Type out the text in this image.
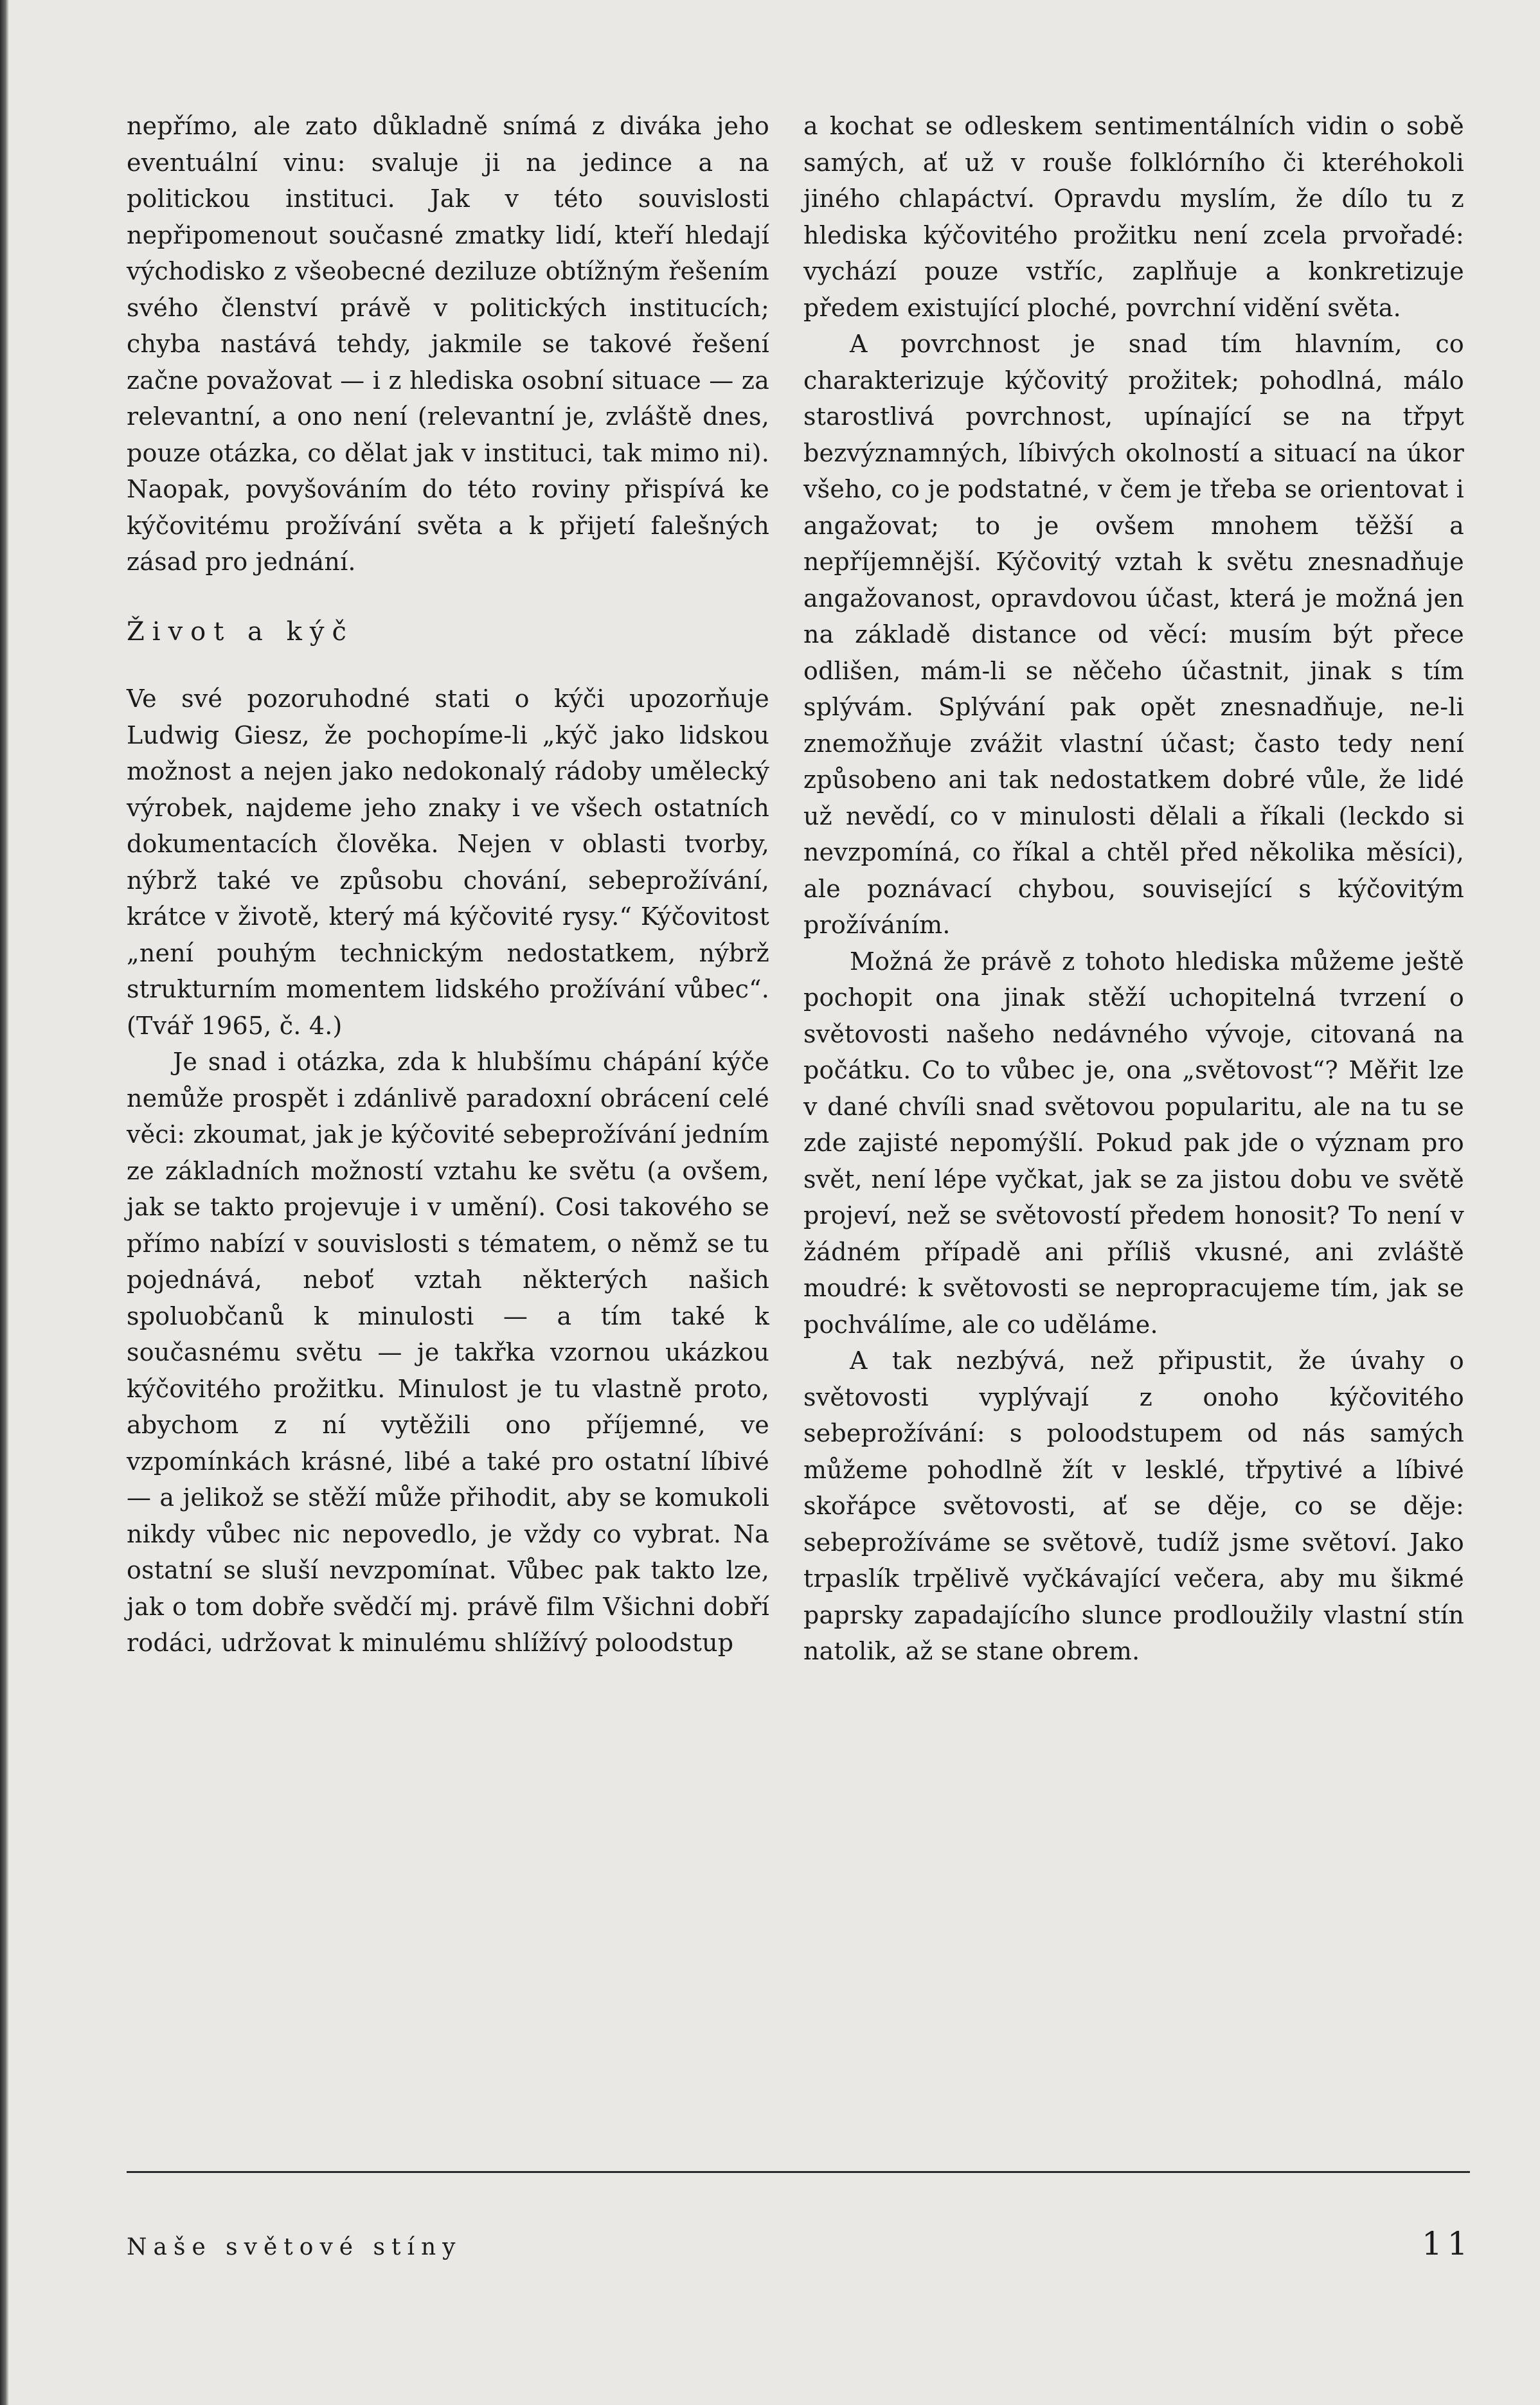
nepřímo, ale zato důkladně snímá z diváka jeho eventuální vinu: svaluje ji na jedince a na politickou instituci. Jak v této souvislosti nepřipomenout současné zmatky lidí, kteří hledají východisko z všeobecné deziluze obtížným řešením svého členství právě v politických institucích; chyba nastává tehdy, jakmile se takové řešení začne považovat — i z hlediska osobní situace — za relevantní, a ono není (relevantní je, zvláště dnes, pouze otázka, co dělat jak v instituci, tak mimo ni). Naopak, povyšováním do této roviny přispívá ke kýčovitému prožívání světa a k přijetí falešných zásad pro jednání.

Život a kýč

Ve své pozoruhodné stati o kýči upozorňuje Ludwig Giesz, že pochopíme-li „kýč jako lidskou možnost a nejen jako nedokonalý rádoby umělecký výrobek, najdeme jeho znaky i ve všech ostatních dokumentacích člověka. Nejen v oblasti tvorby, nýbrž také ve způsobu chování, sebeprožívání, krátce v životě, který má kýčovité rysy.“ Kýčovitost „není pouhým technickým nedostatkem, nýbrž strukturním momentem lidského prožívání vůbec“. (Tvář 1965, č. 4.)

Je snad i otázka, zda k hlubšímu chápání kýče nemůže prospět i zdánlivě paradoxní obrácení celé věci: zkoumat, jak je kýčovité sebeprožívání jedním ze základních možností vztahu ke světu (a ovšem, jak se takto projevuje i v umění). Cosi takového se přímo nabízí v souvislosti s tématem, o němž se tu pojednává, neboť vztah některých našich spoluobčanů k minulosti — a tím také k současnému světu — je takřka vzornou ukázkou kýčovitého prožitku. Minulost je tu vlastně proto, abychom z ní vytěžili ono příjemné, ve vzpomínkách krásné, libé a také pro ostatní líbivé — a jelikož se stěží může přihodit, aby se komukoli nikdy vůbec nic nepovedlo, je vždy co vybrat. Na ostatní se sluší nevzpomínat. Vůbec pak takto lze, jak o tom dobře svědčí mj. právě film Všichni dobří rodáci, udržovat k minulému shlížívý poloodstup

a kochat se odleskem sentimentálních vidin o sobě samých, ať už v rouše folklórního či kteréhokoli jiného chlapáctví. Opravdu myslím, že dílo tu z hlediska kýčovitého prožitku není zcela prvořadé: vychází pouze vstříc, zaplňuje a konkretizuje předem existující ploché, povrchní vidění světa.

A povrchnost je snad tím hlavním, co charakterizuje kýčovitý prožitek; pohodlná, málo starostlivá povrchnost, upínající se na třpyt bezvýznamných, líbivých okolností a situací na úkor všeho, co je podstatné, v čem je třeba se orientovat i angažovat; to je ovšem mnohem těžší a nepříjemnější. Kýčovitý vztah k světu znesnadňuje angažovanost, opravdovou účast, která je možná jen na základě distance od věcí: musím být přece odlišen, mám-li se něčeho účastnit, jinak s tím splývám. Splývání pak opět znesnadňuje, ne-li znemožňuje zvážit vlastní účast; často tedy není způsobeno ani tak nedostatkem dobré vůle, že lidé už nevědí, co v minulosti dělali a říkali (leckdo si nevzpomíná, co říkal a chtěl před několika měsíci), ale poznávací chybou, související s kýčovitým prožíváním.

Možná že právě z tohoto hlediska můžeme ještě pochopit ona jinak stěží uchopitelná tvrzení o světovosti našeho nedávného vývoje, citovaná na počátku. Co to vůbec je, ona „světovost“? Měřit lze v dané chvíli snad světovou popularitu, ale na tu se zde zajisté nepomýšlí. Pokud pak jde o význam pro svět, není lépe vyčkat, jak se za jistou dobu ve světě projeví, než se světovostí předem honosit? To není v žádném případě ani příliš vkusné, ani zvláště moudré: k světovosti se nepropracujeme tím, jak se pochválíme, ale co uděláme.

A tak nezbývá, než připustit, že úvahy o světovosti vyplývají z onoho kýčovitého sebeprožívání: s poloodstupem od nás samých můžeme pohodlně žít v lesklé, třpytivé a líbivé skořápce světovosti, ať se děje, co se děje: sebeprožíváme se světově, tudíž jsme světoví. Jako trpaslík trpělivě vyčkávající večera, aby mu šikmé paprsky zapadajícího slunce prodloužily vlastní stín natolik, až se stane obrem.

Naše světové stíny	11
